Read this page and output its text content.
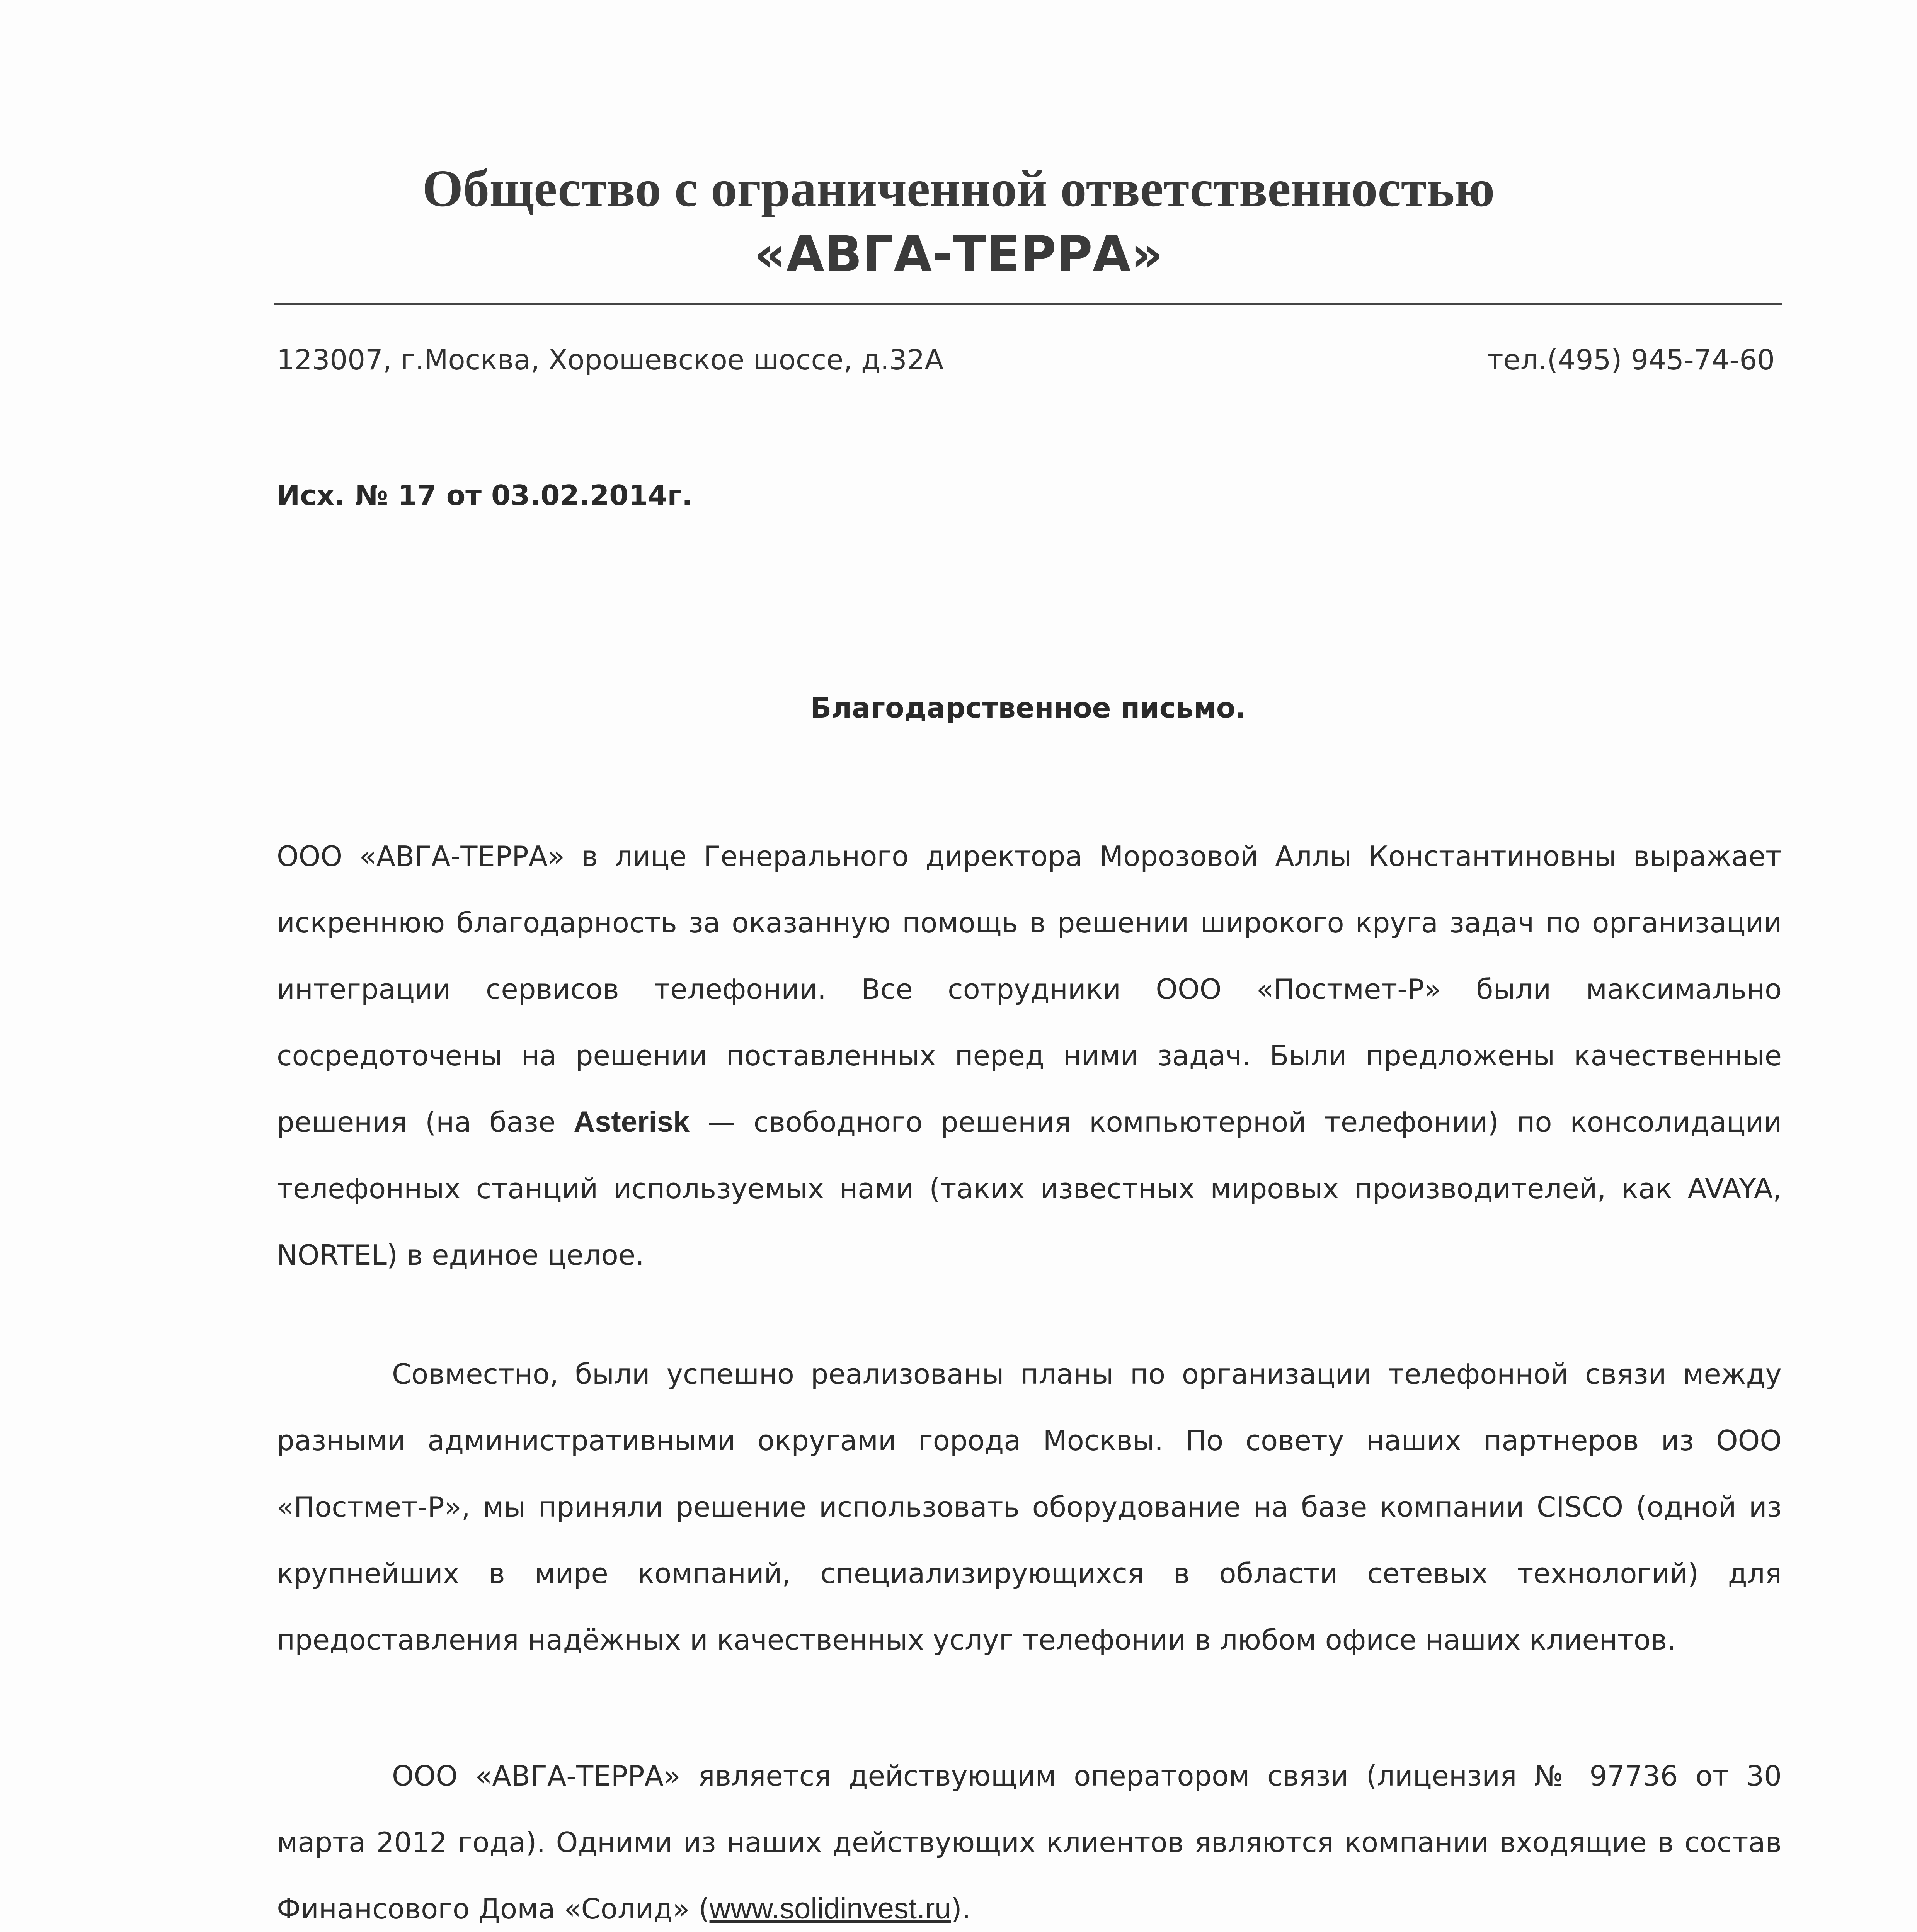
Общество с ограниченной ответственностью
«АВГА-ТЕРРА»
123007, г.Москва, Хорошевское шоссе, д.32А	тел.(495) 945-74-60
Исх. № 17 от 03.02.2014г.
Благодарственное письмо.
ООО «АВГА-ТЕРРА» в лице Генерального директора Морозовой Аллы Константиновны выражает искреннюю благодарность за оказанную помощь в решении широкого круга задач по организации интеграции сервисов телефонии. Все сотрудники ООО «Постмет-Р» были максимально сосредоточены на решении поставленных перед ними задач. Были предложены качественные решения (на базе Asterisk — свободного решения компьютерной телефонии) по консолидации телефонных станций используемых нами (таких известных мировых производителей, как AVAYA, NORTEL) в единое целое.
Совместно, были успешно реализованы планы по организации телефонной связи между разными административными округами города Москвы. По совету наших партнеров из ООО «Постмет-Р», мы приняли решение использовать оборудование на базе компании CISCO (одной из крупнейших в мире компаний, специализирующихся в области сетевых технологий) для предоставления надёжных и качественных услуг телефонии в любом офисе наших клиентов.
ООО «АВГА-ТЕРРА» является действующим оператором связи (лицензия № 97736 от 30 марта 2012 года). Одними из наших действующих клиентов являются компании входящие в состав Финансового Дома «Солид» (www.solidinvest.ru).
